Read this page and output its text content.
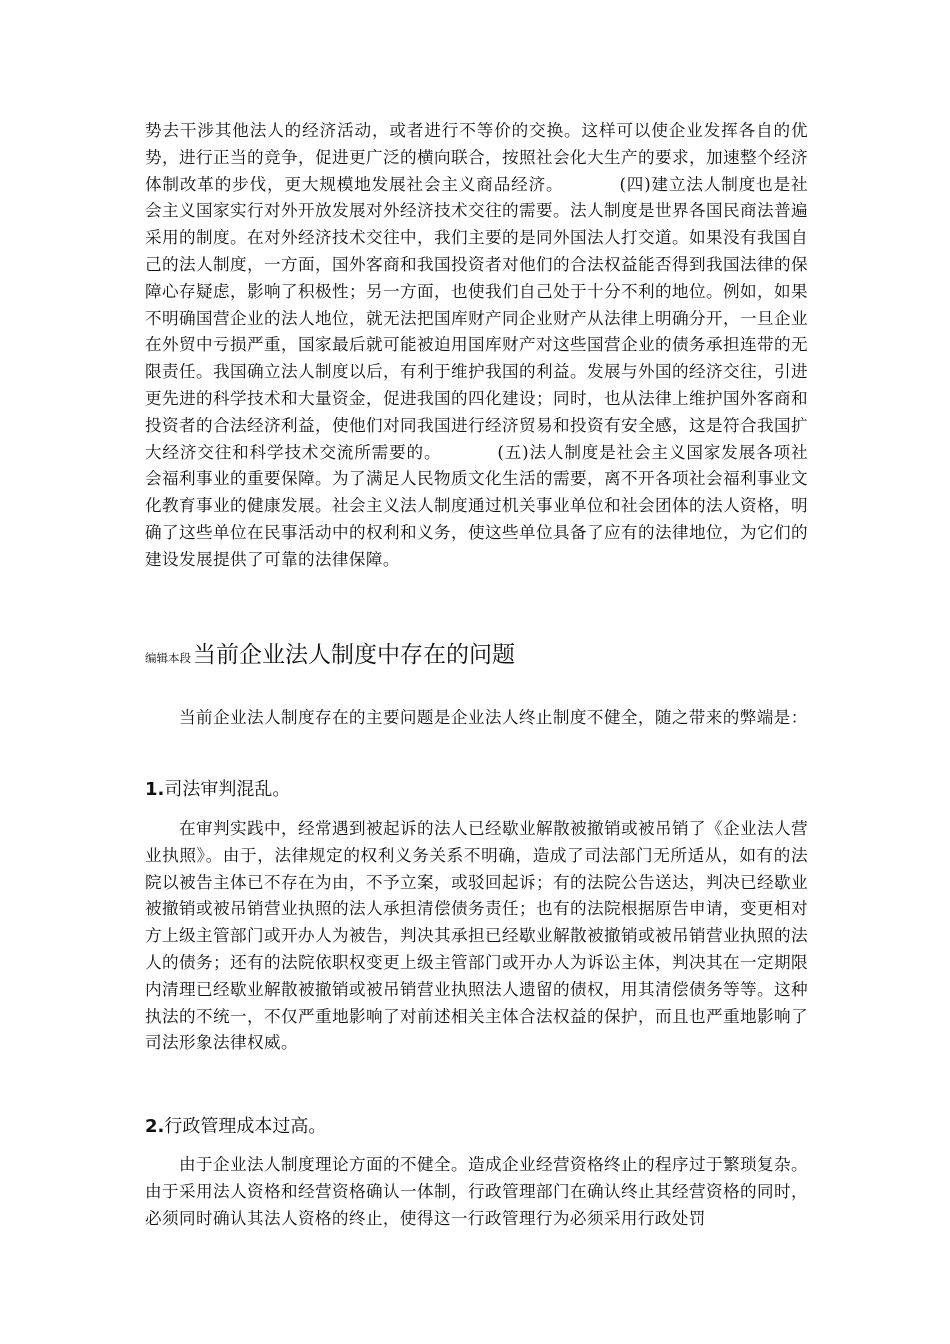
势去干涉其他法人的经济活动，或者进行不等价的交换。这样可以使企业发挥各自的优势，进行正当的竞争，促进更广泛的横向联合，按照社会化大生产的要求，加速整个经济体制改革的步伐，更大规模地发展社会主义商品经济。	(四)建立法人制度也是社会主义国家实行对外开放发展对外经济技术交往的需要。法人制度是世界各国民商法普遍采用的制度。在对外经济技术交往中，我们主要的是同外国法人打交道。如果没有我国自己的法人制度，一方面，国外客商和我国投资者对他们的合法权益能否得到我国法律的保障心存疑虑，影响了积极性；另一方面，也使我们自己处于十分不利的地位。例如，如果不明确国营企业的法人地位，就无法把国库财产同企业财产从法律上明确分开，一旦企业在外贸中亏损严重，国家最后就可能被迫用国库财产对这些国营企业的债务承担连带的无限责任。我国确立法人制度以后，有利于维护我国的利益。发展与外国的经济交往，引进更先进的科学技术和大量资金，促进我国的四化建设；同时，也从法律上维护国外客商和投资者的合法经济利益，使他们对同我国进行经济贸易和投资有安全感，这是符合我国扩大经济交往和科学技术交流所需要的。	(五)法人制度是社会主义国家发展各项社会福利事业的重要保障。为了满足人民物质文化生活的需要，离不开各项社会福利事业文化教育事业的健康发展。社会主义法人制度通过机关事业单位和社会团体的法人资格，明确了这些单位在民事活动中的权利和义务，使这些单位具备了应有的法律地位，为它们的建设发展提供了可靠的法律保障。

编辑本段当前企业法人制度中存在的问题

当前企业法人制度存在的主要问题是企业法人终止制度不健全，随之带来的弊端是：

1.司法审判混乱。

在审判实践中，经常遇到被起诉的法人已经歇业解散被撤销或被吊销了《企业法人营业执照》。由于，法律规定的权利义务关系不明确，造成了司法部门无所适从，如有的法院以被告主体已不存在为由，不予立案，或驳回起诉；有的法院公告送达，判决已经歇业被撤销或被吊销营业执照的法人承担清偿债务责任；也有的法院根据原告申请，变更相对方上级主管部门或开办人为被告，判决其承担已经歇业解散被撤销或被吊销营业执照的法人的债务；还有的法院依职权变更上级主管部门或开办人为诉讼主体，判决其在一定期限内清理已经歇业解散被撤销或被吊销营业执照法人遗留的债权，用其清偿债务等等。这种执法的不统一，不仅严重地影响了对前述相关主体合法权益的保护，而且也严重地影响了司法形象法律权威。

2.行政管理成本过高。

由于企业法人制度理论方面的不健全。造成企业经营资格终止的程序过于繁琐复杂。由于采用法人资格和经营资格确认一体制，行政管理部门在确认终止其经营资格的同时，必须同时确认其法人资格的终止，使得这一行政管理行为必须采用行政处罚
